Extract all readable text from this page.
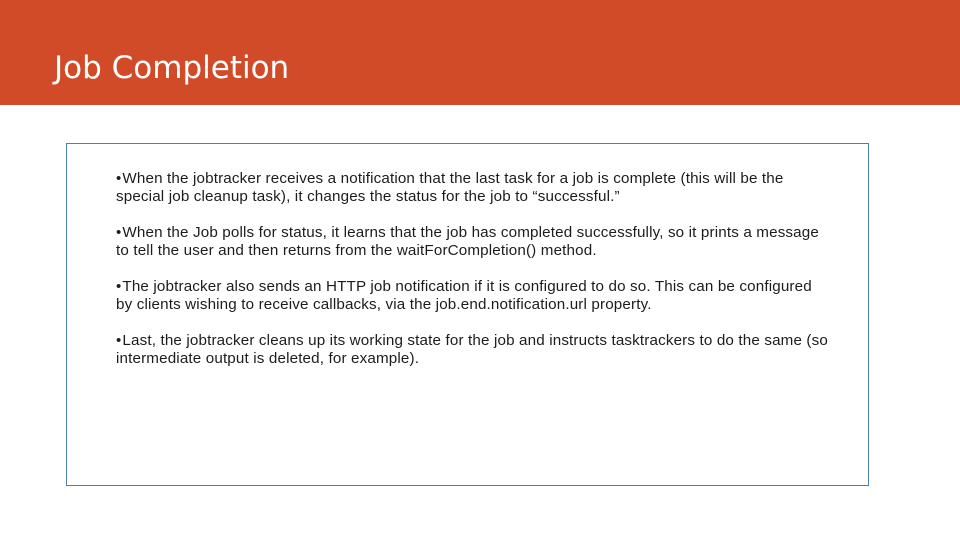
Job Completion
•When the jobtracker receives a notification that the last task for a job is complete (this will be the special job cleanup task), it changes the status for the job to “successful.”
•When the Job polls for status, it learns that the job has completed successfully, so it prints a message to tell the user and then returns from the waitForCompletion() method.
•The jobtracker also sends an HTTP job notification if it is configured to do so. This can be configured by clients wishing to receive callbacks, via the job.end.notification.url property.
•Last, the jobtracker cleans up its working state for the job and instructs tasktrackers to do the same (so intermediate output is deleted, for example).
